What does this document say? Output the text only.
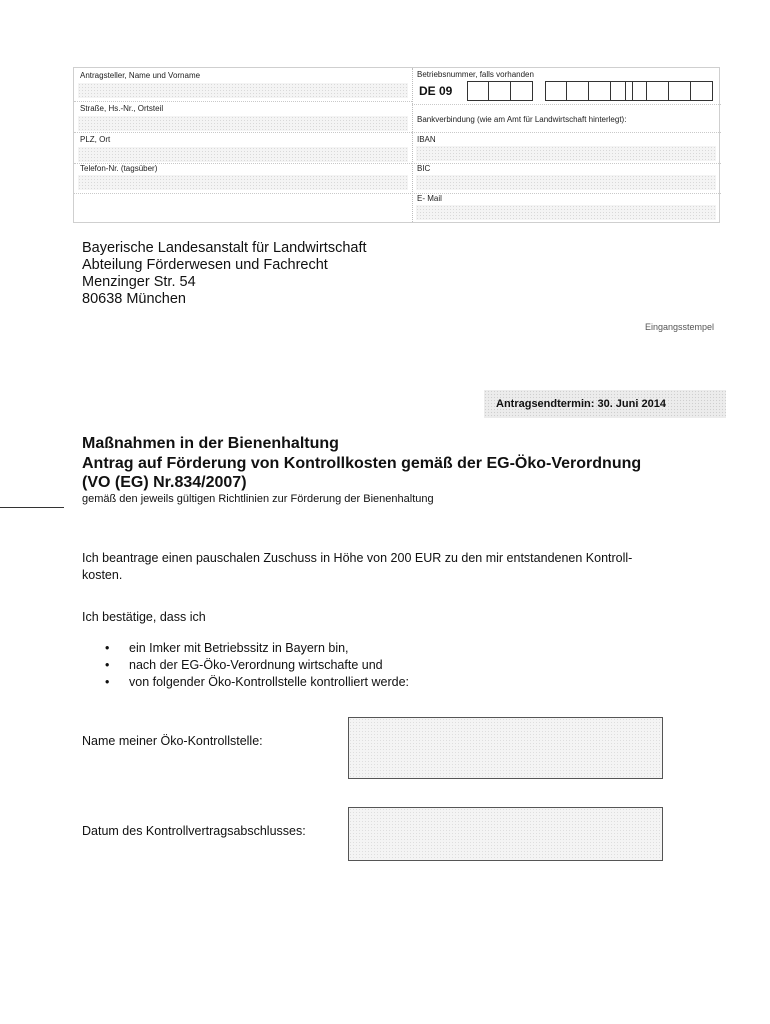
Antragsteller, Name und Vorname
Straße, Hs.-Nr., Ortsteil
PLZ, Ort
Telefon-Nr. (tagsüber)
Betriebsnummer, falls vorhanden
DE 09
Bankverbindung (wie am Amt für Landwirtschaft hinterlegt):
IBAN
BIC
E- Mail
Bayerische Landesanstalt für Landwirtschaft
Abteilung Förderwesen und Fachrecht
Menzinger Str. 54
80638 München
Eingangsstempel
Antragsendtermin: 30. Juni 2014
Maßnahmen in der Bienenhaltung
Antrag auf Förderung von Kontrollkosten gemäß der EG-Öko-Verordnung
(VO (EG) Nr.834/2007)
gemäß den jeweils gültigen Richtlinien zur Förderung der Bienenhaltung
Ich beantrage einen pauschalen Zuschuss in Höhe von 200 EUR zu den mir entstandenen Kontroll-
kosten.
Ich bestätige, dass ich
• ein Imker mit Betriebssitz in Bayern bin,
• nach der EG-Öko-Verordnung wirtschafte und
• von folgender Öko-Kontrollstelle kontrolliert werde:
Name meiner Öko-Kontrollstelle:
Datum des Kontrollvertragsabschlusses:
